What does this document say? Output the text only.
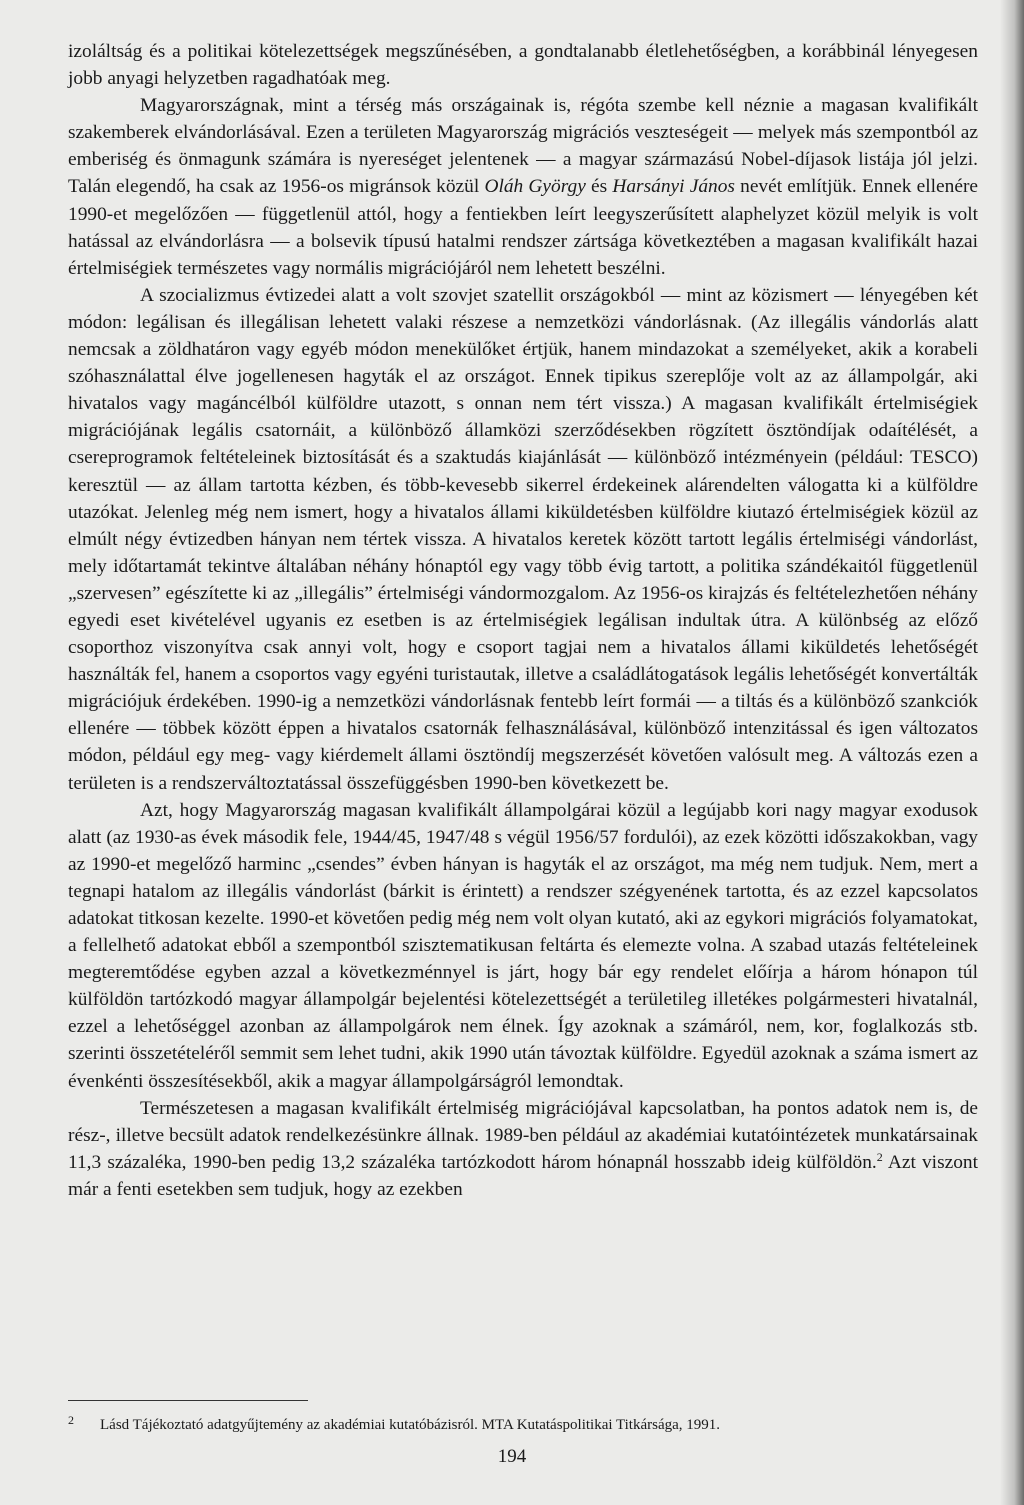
izoláltság és a politikai kötelezettségek megszűnésében, a gondtalanabb életlehetőségben, a korábbinál lényegesen jobb anyagi helyzetben ragadhatóak meg.

Magyarországnak, mint a térség más országainak is, régóta szembe kell néznie a magasan kvalifikált szakemberek elvándorlásával. Ezen a területen Magyarország migrációs veszteségeit — melyek más szempontból az emberiség és önmagunk számára is nyereséget jelentenek — a magyar származású Nobel-díjasok listája jól jelzi. Talán elegendő, ha csak az 1956-os migránsok közül Oláh György és Harsányi János nevét említjük. Ennek ellenére 1990-et megelőzően — függetlenül attól, hogy a fentiekben leírt leegyszerűsített alaphelyzet közül melyik is volt hatással az elvándorlásra — a bolsevik típusú hatalmi rendszer zártsága következtében a magasan kvalifikált hazai értelmiségiek természetes vagy normális migrációjáról nem lehetett beszélni.

A szocializmus évtizedei alatt a volt szovjet szatellit országokból — mint az közismert — lényegében két módon: legálisan és illegálisan lehetett valaki részese a nemzetközi vándorlásnak. (Az illegális vándorlás alatt nemcsak a zöldhatáron vagy egyéb módon menekülőket értjük, hanem mindazokat a személyeket, akik a korabeli szóhasználattal élve jogellenesen hagyták el az országot. Ennek tipikus szereplője volt az az állampolgár, aki hivatalos vagy magáncélból külföldre utazott, s onnan nem tért vissza.) A magasan kvalifikált értelmiségiek migrációjának legális csatornáit, a különböző államközi szerződésekben rögzített ösztöndíjak odaítélését, a csereprogramok feltételeinek biztosítását és a szaktudás kiajánlását — különböző intézményein (például: TESCO) keresztül — az állam tartotta kézben, és több-kevesebb sikerrel érdekeinek alárendelten válogatta ki a külföldre utazókat. Jelenleg még nem ismert, hogy a hivatalos állami kiküldetésben külföldre kiutazó értelmiségiek közül az elmúlt négy évtizedben hányan nem tértek vissza. A hivatalos keretek között tartott legális értelmiségi vándorlást, mely időtartamát tekintve általában néhány hónaptól egy vagy több évig tartott, a politika szándékaitól függetlenül „szervesen” egészítette ki az „illegális” értelmiségi vándormozgalom. Az 1956-os kirajzás és feltételezhetően néhány egyedi eset kivételével ugyanis ez esetben is az értelmiségiek legálisan indultak útra. A különbség az előző csoporthoz viszonyítva csak annyi volt, hogy e csoport tagjai nem a hivatalos állami kiküldetés lehetőségét használták fel, hanem a csoportos vagy egyéni turistautak, illetve a családlátogatások legális lehetőségét konvertálták migrációjuk érdekében. 1990-ig a nemzetközi vándorlásnak fentebb leírt formái — a tiltás és a különböző szankciók ellenére — többek között éppen a hivatalos csatornák felhasználásával, különböző intenzitással és igen változatos módon, például egy meg- vagy kiérdemelt állami ösztöndíj megszerzését követően valósult meg. A változás ezen a területen is a rendszerváltoztatással összefüggésben 1990-ben következett be.

Azt, hogy Magyarország magasan kvalifikált állampolgárai közül a legújabb kori nagy magyar exodusok alatt (az 1930-as évek második fele, 1944/45, 1947/48 s végül 1956/57 fordulói), az ezek közötti időszakokban, vagy az 1990-et megelőző harminc „csendes” évben hányan is hagyták el az országot, ma még nem tudjuk. Nem, mert a tegnapi hatalom az illegális vándorlást (bárkit is érintett) a rendszer szégyenének tartotta, és az ezzel kapcsolatos adatokat titkosan kezelte. 1990-et követően pedig még nem volt olyan kutató, aki az egykori migrációs folyamatokat, a fellelhető adatokat ebből a szempontból szisztematikusan feltárta és elemezte volna. A szabad utazás feltételeinek megteremtődése egyben azzal a következménnyel is járt, hogy bár egy rendelet előírja a három hónapon túl külföldön tartózkodó magyar állampolgár bejelentési kötelezettségét a területileg illetékes polgármesteri hivatalnál, ezzel a lehetőséggel azonban az állampolgárok nem élnek. Így azoknak a számáról, nem, kor, foglalkozás stb. szerinti összetételéről semmit sem lehet tudni, akik 1990 után távoztak külföldre. Egyedül azoknak a száma ismert az évenkénti összesítésekből, akik a magyar állampolgárságról lemondtak.

Természetesen a magasan kvalifikált értelmiség migrációjával kapcsolatban, ha pontos adatok nem is, de rész-, illetve becsült adatok rendelkezésünkre állnak. 1989-ben például az akadémiai kutatóintézetek munkatársainak 11,3 százaléka, 1990-ben pedig 13,2 százaléka tartózkodott három hónapnál hosszabb ideig külföldön.$^2$ Azt viszont már a fenti esetekben sem tudjuk, hogy az ezekben

2 Lásd Tájékoztató adatgyűjtemény az akadémiai kutatóbázisról. MTA Kutatáspolitikai Titkársága, 1991.
194
